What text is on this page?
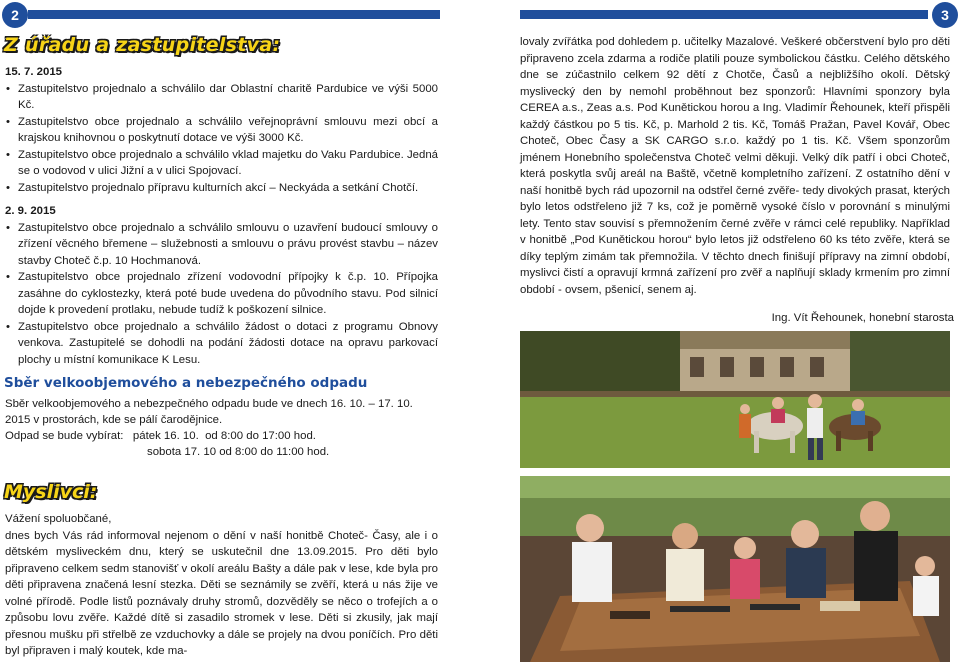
2
Z úřadu a zastupitelstva:
15. 7. 2015
• Zastupitelstvo projednalo a schválilo dar Oblastní charitě Pardubice ve výši 5000 Kč.
• Zastupitelstvo obce projednalo a schválilo veřejnoprávní smlouvu mezi obcí a krajskou knihovnou o poskytnutí dotace ve výši 3000 Kč.
• Zastupitelstvo obce projednalo a schválilo vklad majetku do Vaku Pardubice. Jedná se o vodovod v ulici Jižní a v ulici Spojovací.
• Zastupitelstvo projednalo přípravu kulturních akcí – Neckyáda a setkání Chotčí.
2. 9. 2015
• Zastupitelstvo obce projednalo a schválilo smlouvu o uzavření budoucí smlouvy o zřízení věcného břemene – služebnosti a smlouvu o právu provést stavbu – název stavby Choteč č.p. 10 Hochmanová.
• Zastupitelstvo obce projednalo zřízení vodovodní přípojky k č.p. 10. Přípojka zasáhne do cyklostezky, která poté bude uvedena do původního stavu. Pod silnicí dojde k provedení protlaku, nebude tudíž k poškození silnice.
• Zastupitelstvo obce projednalo a schválilo žádost o dotaci z programu Obnovy venkova. Zastupitelé se dohodli na podání žádosti dotace na opravu parkovací plochy u místní komunikace K Lesu.
Sběr velkoobjemového a nebezpečného odpadu
Sběr velkoobjemového a nebezpečného odpadu bude ve dnech 16. 10. – 17. 10.
2015 v prostorách, kde se pálí čarodějnice.
Odpad se bude vybírat:   pátek 16. 10.  od 8:00 do 17:00 hod.
sobota 17. 10 od 8:00 do 11:00 hod.
Myslivci:
Vážení spoluobčané,
dnes bych Vás rád informoval nejenom o dění v naší honitbě Choteč- Časy, ale i o dětském mysliveckém dnu, který se uskutečnil dne 13.09.2015. Pro děti bylo připraveno celkem sedm stanovišť v okolí areálu Bašty a dále pak v lese, kde byla pro děti připravena značená lesní stezka. Děti se seznámily se zvěří, která u nás žije ve volné přírodě. Podle listů poznávaly druhy stromů, dozvěděly se něco o trofejích a o způsobu lovu zvěře. Každé dítě si zasadilo stromek v lese. Děti si zkusily, jak mají přesnou mušku při střelbě ze vzduchovky a dále se projely na dvou poníčích. Pro děti byl připraven i malý koutek, kde ma-
3
lovaly zvířátka pod dohledem p. učitelky Mazalové. Veškeré občerstvení bylo pro děti připraveno zcela zdarma a rodiče platili pouze symbolickou částku. Celého dětského dne se zúčastnilo celkem 92 dětí z Chotče, Časů a nejbližšího okolí. Dětský myslivecký den by nemohl proběhnout bez sponzorů: Hlavními sponzory byla CEREA a.s., Zeas a.s. Pod Kunětickou horou a Ing. Vladimír Řehounek, kteří přispěli každý částkou po 5 tis. Kč, p. Marhold 2 tis. Kč, Tomáš Pražan, Pavel Kovář, Obec Choteč, Obec Časy a SK CARGO s.r.o. každý po 1 tis. Kč. Všem sponzorům jménem Honebního společenstva Choteč velmi děkuji. Velký dík patří i obci Choteč, která poskytla svůj areál na Baště, včetně kompletního zařízení. Z ostatního dění v naší honitbě bych rád upozornil na odstřel černé zvěře- tedy divokých prasat, kterých bylo letos odstřeleno již 7 ks, což je poměrně vysoké číslo v porovnání s minulými lety. Tento stav souvisí s přemnožením černé zvěře v rámci celé republiky. Například v honitbě „Pod Kunětickou horou“ bylo letos již odstřeleno 60 ks této zvěře, která se díky teplým zimám tak přemnožila. V těchto dnech finišují přípravy na zimní období, myslivci čistí a opravují krmná zařízení pro zvěř a naplňují sklady krmením pro zimní období - ovsem, pšenicí, senem aj.
Ing. Vít Řehounek, honební starosta
